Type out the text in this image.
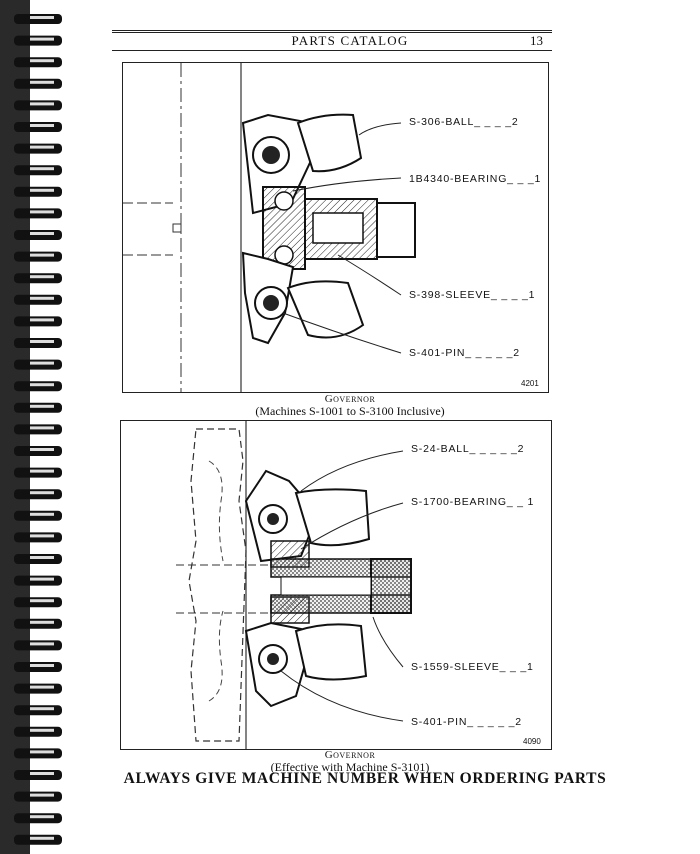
PARTS CATALOG	13
S-306-BALL_ _ _ _2
1B4340-BEARING_ _ _1
S-398-SLEEVE_ _ _ _1
S-401-PIN_ _ _ _ _2
4201
Governor
(Machines S-1001 to S-3100 Inclusive)
S-24-BALL_ _ _ _ _2
S-1700-BEARING_ _ 1
S-1559-SLEEVE_ _ _1
S-401-PIN_ _ _ _ _2
4090
Governor
(Effective with Machine S-3101)
ALWAYS GIVE MACHINE NUMBER WHEN ORDERING PARTS
